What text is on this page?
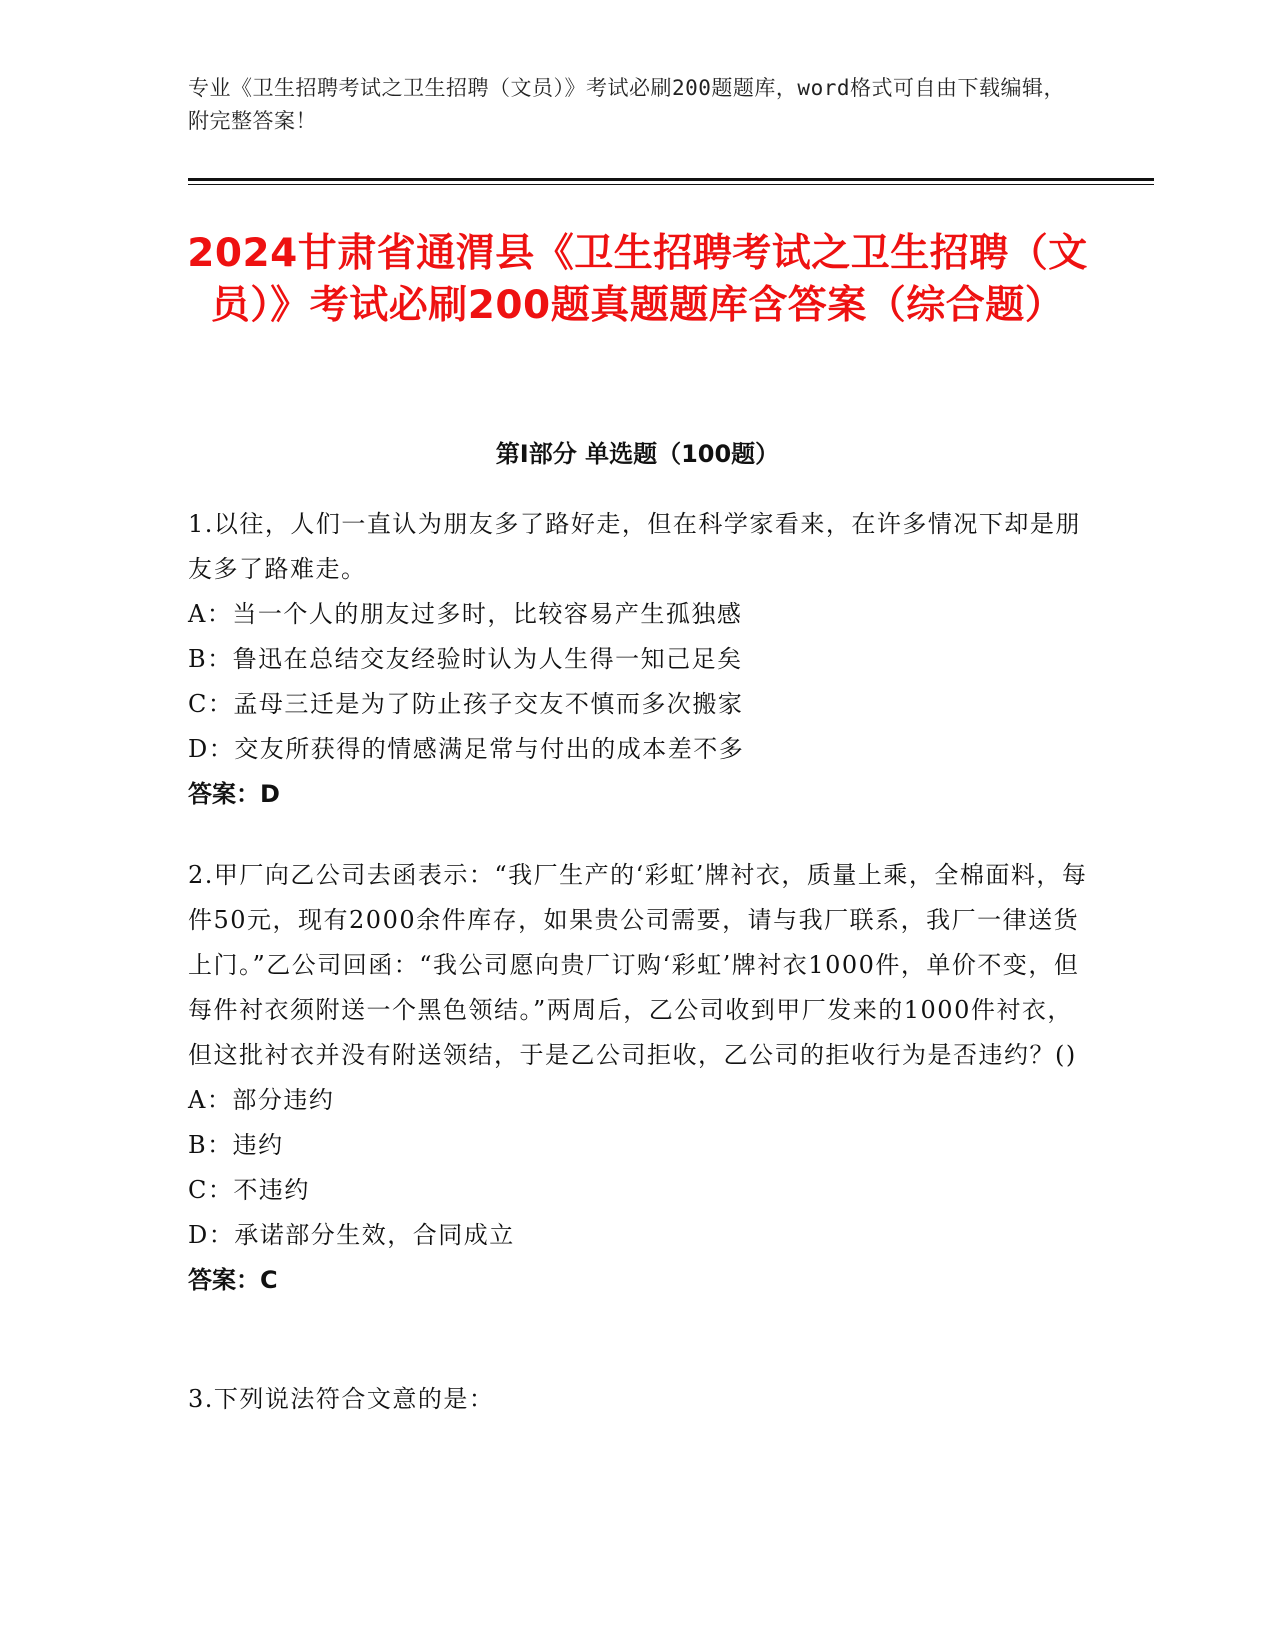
专业《卫生招聘考试之卫生招聘（文员）》考试必刷200题题库，word格式可自由下载编辑，附完整答案！
2024甘肃省通渭县《卫生招聘考试之卫生招聘（文员）》考试必刷200题真题题库含答案（综合题）
第Ⅰ部分 单选题（100题）
1.以往，人们一直认为朋友多了路好走，但在科学家看来，在许多情况下却是朋友多了路难走。
A：当一个人的朋友过多时，比较容易产生孤独感
B：鲁迅在总结交友经验时认为人生得一知己足矣
C：孟母三迁是为了防止孩子交友不慎而多次搬家
D：交友所获得的情感满足常与付出的成本差不多
答案：D
2.甲厂向乙公司去函表示：“我厂生产的‘彩虹’牌衬衣，质量上乘，全棉面料，每件50元，现有2000余件库存，如果贵公司需要，请与我厂联系，我厂一律送货上门。”乙公司回函：“我公司愿向贵厂订购‘彩虹’牌衬衣1000件，单价不变，但每件衬衣须附送一个黑色领结。”两周后，乙公司收到甲厂发来的1000件衬衣，但这批衬衣并没有附送领结，于是乙公司拒收，乙公司的拒收行为是否违约？()
A：部分违约
B：违约
C：不违约
D：承诺部分生效，合同成立
答案：C
3.下列说法符合文意的是：
